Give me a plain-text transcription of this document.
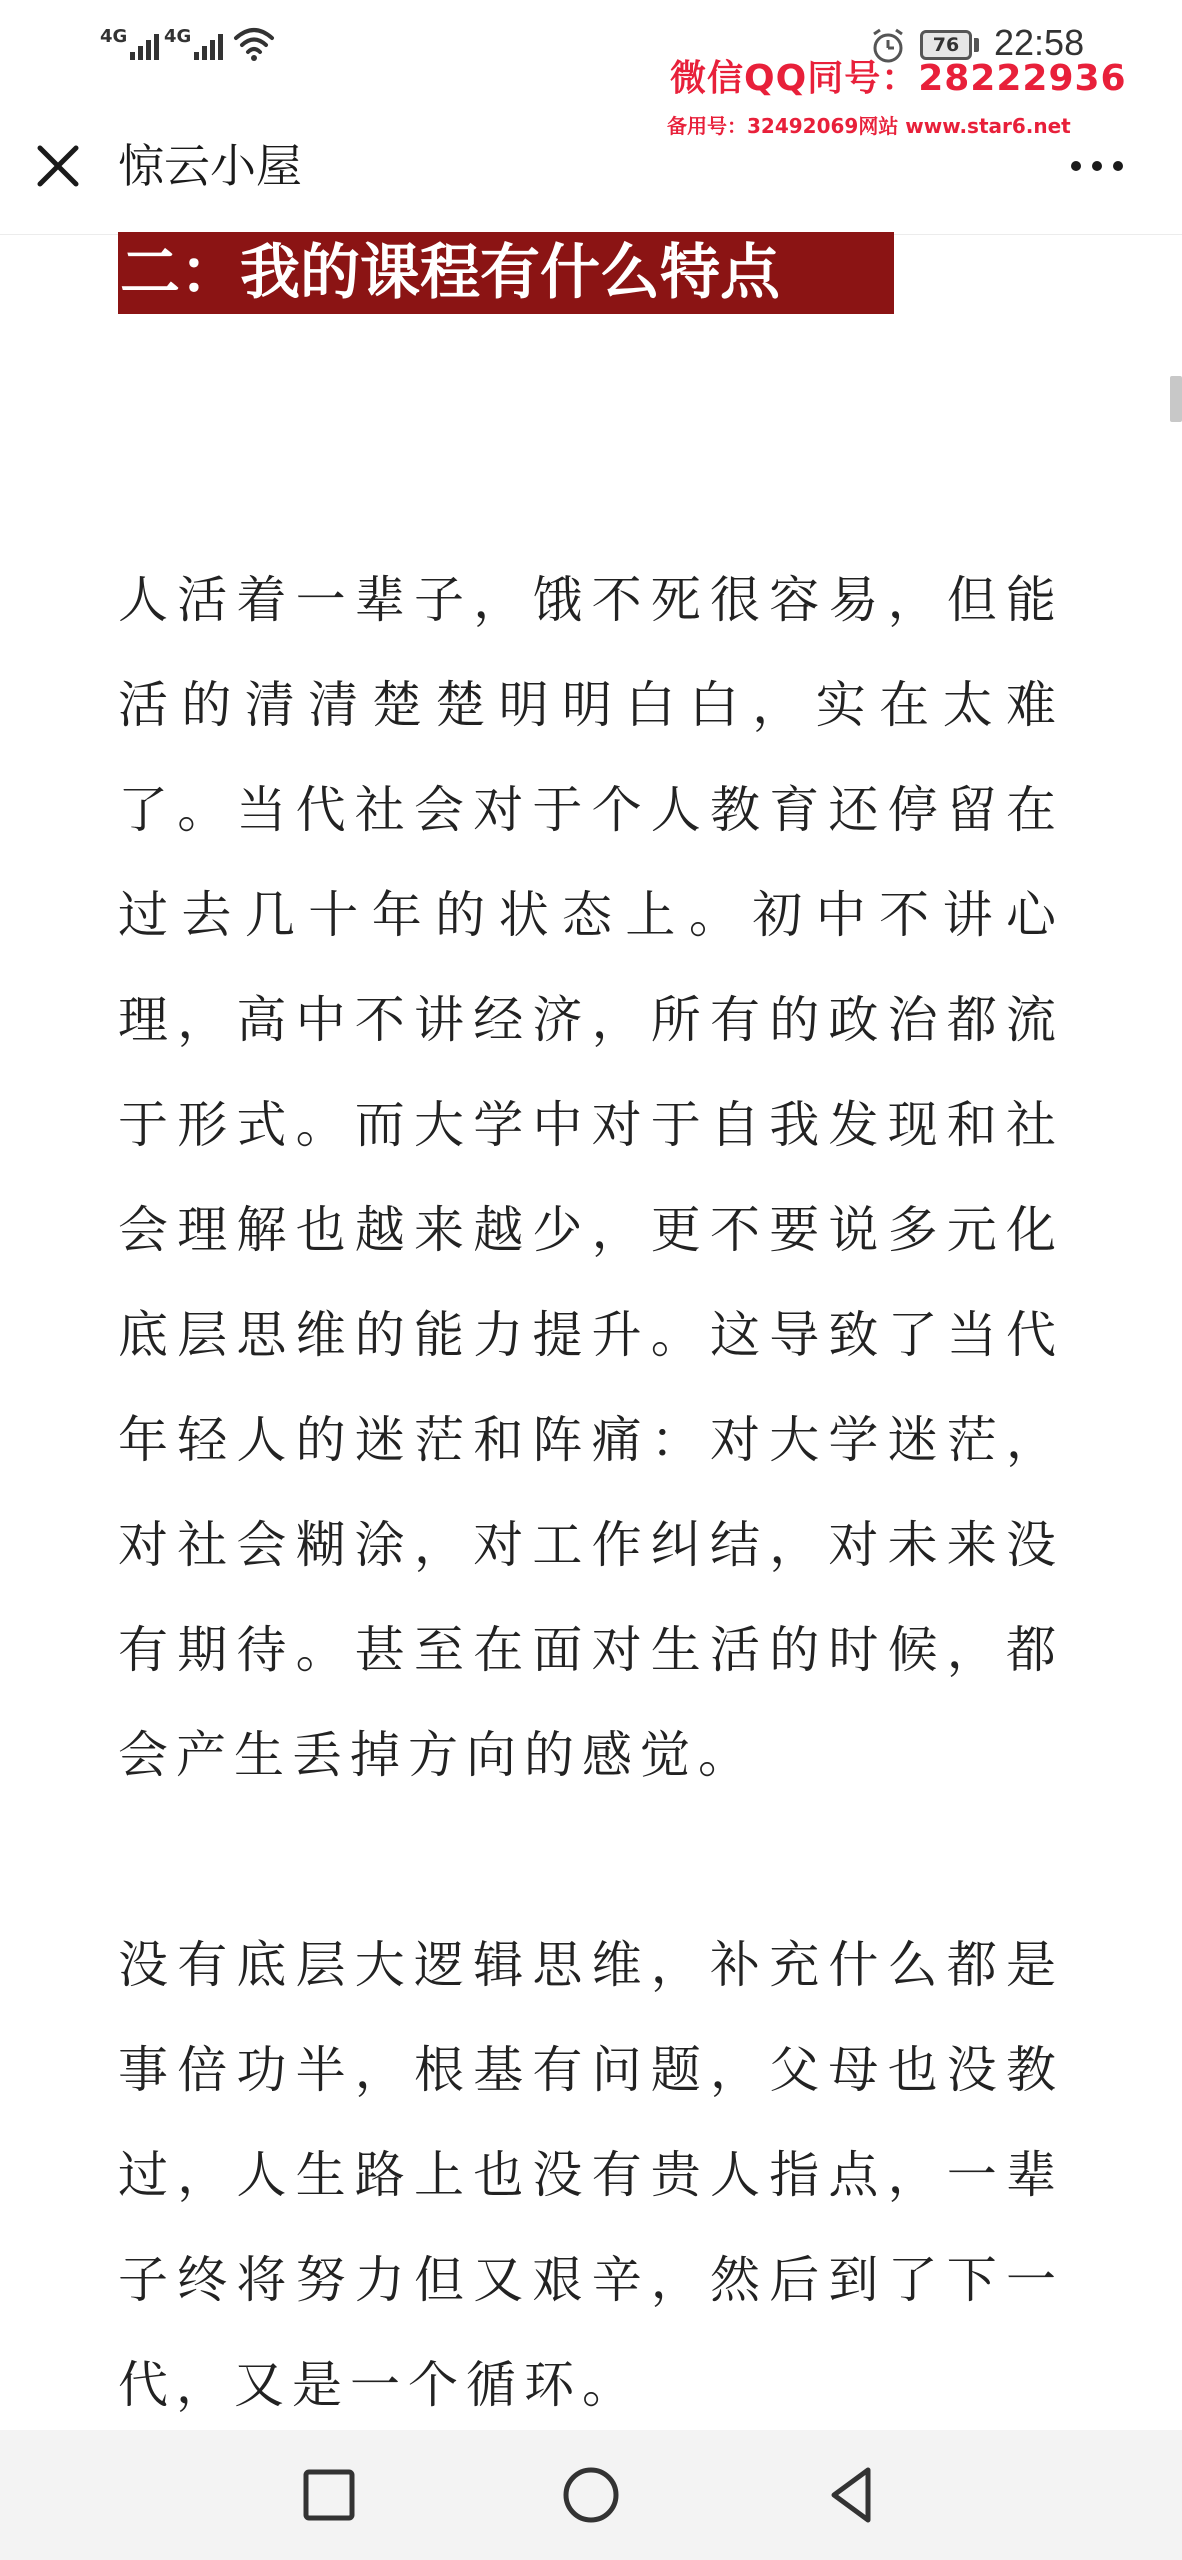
4G 4G	76 22:58
惊云小屋
微信QQ同号：28222936
备用号：32492069网站 www.star6.net
二：我的课程有什么特点
人活着一辈子，饿不死很容易，但能活的清清楚楚明明白白，实在太难了。当代社会对于个人教育还停留在过去几十年的状态上。初中不讲心理，高中不讲经济，所有的政治都流于形式。而大学中对于自我发现和社会理解也越来越少，更不要说多元化底层思维的能力提升。这导致了当代年轻人的迷茫和阵痛：对大学迷茫，对社会糊涂，对工作纠结，对未来没有期待。甚至在面对生活的时候，都会产生丢掉方向的感觉。
没有底层大逻辑思维，补充什么都是事倍功半，根基有问题，父母也没教过，人生路上也没有贵人指点，一辈子终将努力但又艰辛，然后到了下一代，又是一个循环。
